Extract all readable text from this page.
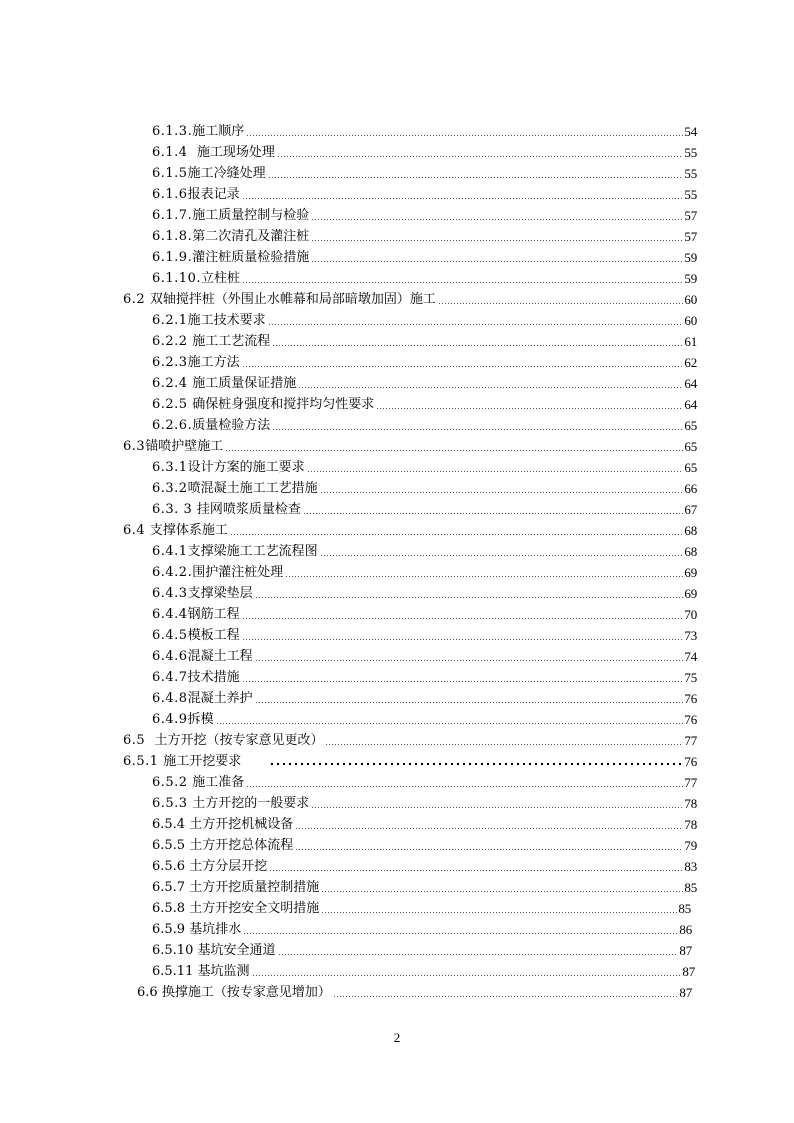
6.1.3. 施工顺序	54
6.1.4 施工现场处理	55
6.1.5 施工冷缝处理	55
6.1.6 报表记录	55
6.1.7. 施工质量控制与检验	57
6.1.8. 第二次清孔及灌注桩	57
6.1.9. 灌注桩质量检验措施	59
6.1.10. 立柱桩	59
6.2 双轴搅拌桩（外围止水帷幕和局部暗墩加固）施工	60
6.2.1 施工技术要求	60
6.2.2 施工工艺流程	61
6.2.3 施工方法	62
6.2.4 施工质量保证措施	64
6.2.5 确保桩身强度和搅拌均匀性要求	64
6.2.6. 质量检验方法	65
6.3 锚喷护壁施工	65
6.3.1 设计方案的施工要求	65
6.3.2 喷混凝土施工工艺措施	66
6.3. 3 挂网喷浆质量检查	67
6.4 支撑体系施工	68
6.4.1 支撑梁施工工艺流程图	68
6.4.2. 围护灌注桩处理	69
6.4.3 支撑梁垫层	69
6.4.4 钢筋工程	70
6.4.5 模板工程	73
6.4.6 混凝土工程	74
6.4.7 技术措施	75
6.4.8 混凝土养护	76
6.4.9 拆模	76
6.5 土方开挖（按专家意见更改）	77
6.5.1 施工开挖要求	76
6.5.2 施工准备	77
6.5.3 土方开挖的一般要求	78
6.5.4 土方开挖机械设备	78
6.5.5 土方开挖总体流程	79
6.5.6 土方分层开挖	83
6.5.7 土方开挖质量控制措施	85
6.5.8 土方开挖安全文明措施	85
6.5.9 基坑排水	86
6.5.10 基坑安全通道	87
6.5.11 基坑监测	87
6.6 换撑施工（按专家意见增加）	87
2
